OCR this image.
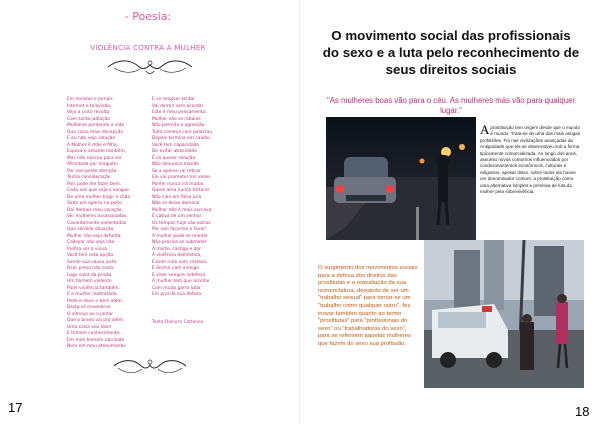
- Poesia:
VIOLÊNCIA CONTRA A MULHER
Em revistas e jornais
Internet e televisão,
Vejo a cinto revolta
Com tanta judiação
Mulheres perdendo a vida
Que coisa mais decepção
E eu não vejo solução
A Mulher é mãe e filha,
Esposa e amante também,
Mas não nasceu para ser
Afrontada por ninguém.
Por isso peste atenção
Tenha consideração
Pois pode lhe fazer bem.
Cada vez que vejo o sangue
De uma mulher tingir o chão
Sinto um aperto no peito
Dói demais meu coração.
Ver mulheres assassinadas,
Covardemente violentadas
Que sórdida situação.
Mulher não seja defunta,
Calleyar não seja não.
Prefira ser a viúva.
Você tem esta opção.
Sendo sua causa justa
Ficar presa não custa
Logo sairá da prisão.
Um homem violento
Pode violência também.
E a mulher maltratada
Pode e deve ir bem além.
Basta só envenenar
O almoço ou o jantar
Que o bravo vai pro além.
Uma coisa vou dizer
E tomem conhecimento,
Em mim homem não bate
Nem em meu atrevimento.
E se resolver tentar
Vai dormir sem acordar
Este é meu pensamento.
Mulher não se rebaixe
Não permita a agressão.
Tudo começa com palavras,
Depois termina em caixão.
Você tem capacidade
De evitar atrocidade
É só querer solução.
Não denuncie marido
Se a queixa vai retirar.
Ele vai prometer mil vezes
Porém nunca irá mudar.
Quem ama nunca torturar
Não caia em falsa jura
Não se deixe dominar
Mulher não é mais escrava
É cativa de um senhor.
Os tempos hoje são outros
Por isso faça-me o favor!
A mulher pode se manter
Não precisa se submeter
A morte, castigo e dor.
A violência doméstica,
É bom ruim com certeza.
É dormir com inimigo
E viver sempre indefesa.
A mulher tem que acordar
Com muita garra lutar
Em prol de sua defesa.
Texto Dalnora Cattaneo
17
O movimento social das profissionais do sexo e a luta pelo reconhecimento de seus direitos sociais
"As mulheres boas vão para o céu. As mulheres más vão para qualquer lugar."
A prostituição tem origem desde que o mundo é mundo. Trata-se de uma das mais antigas profissões. Foi nas civilizações avançadas da Antiguidade que ela se desenvolveu sob a forma tipicamente comercializada. Ao longo dos anos, assumiu novos contornos influenciados por condicionamentos econômicos, culturais e religiosos, apesar disso, sobre todos ela houve um denominador comum: a prostituição como uma alternativa simples e primitiva de luta da mulher pela sobrevivência.
O surgimento dos movimentos sociais para a defesa dos direitos das prostitutas e a reavaliação da sua nomenclatura, deixando de ser um "trabalho sexual" para tornar-se um "trabalho como qualquer outro", fez inovar também quanto ao termo "prostitutas" para "profissionais do sexo" ou "trabalhadoras do sexo", para se referirem àquelas mulheres que fazem do sexo sua profissão.
18
